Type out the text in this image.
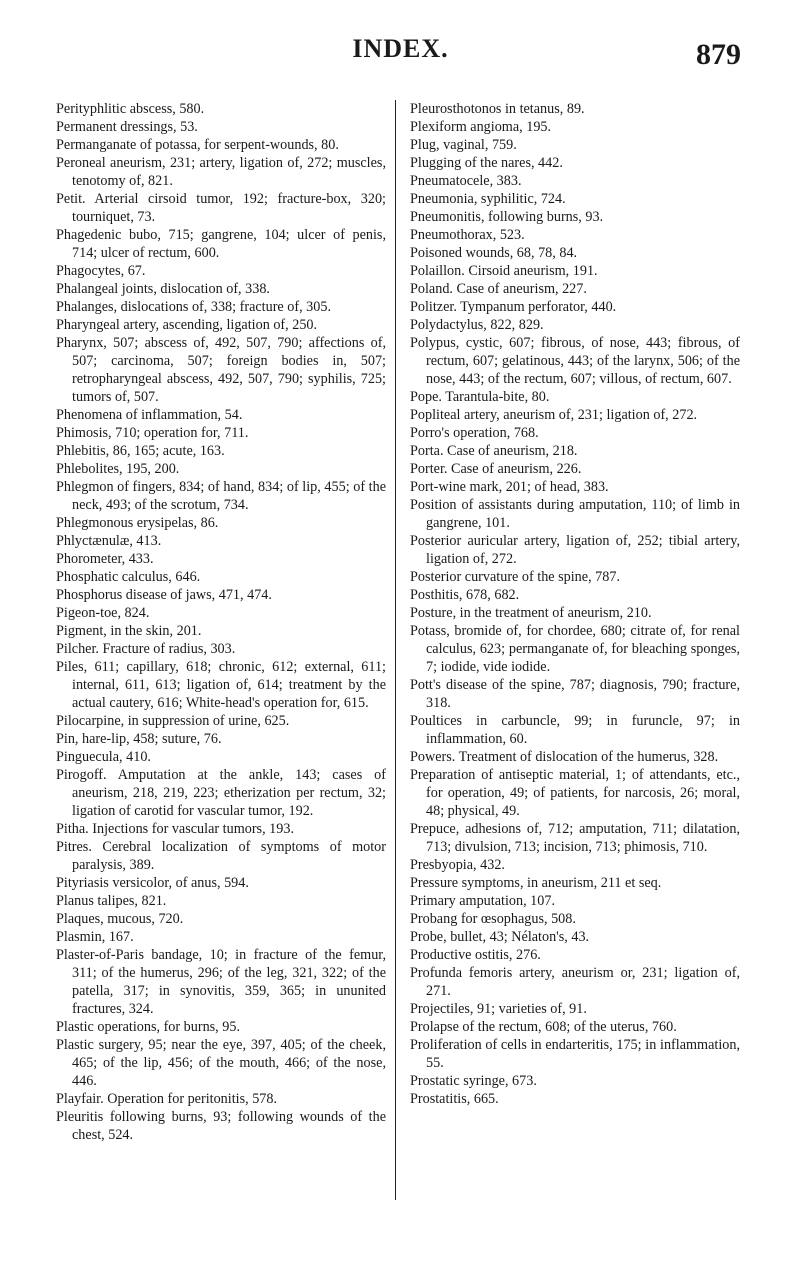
INDEX.	879

Perityphlitic abscess, 580.

Permanent dressings, 53.

Permanganate of potassa, for serpent-wounds, 80.

Peroneal aneurism, 231; artery, ligation of, 272; muscles, tenotomy of, 821.

Petit. Arterial cirsoid tumor, 192; fracture-box, 320; tourniquet, 73.

Phagedenic bubo, 715; gangrene, 104; ulcer of penis, 714; ulcer of rectum, 600.

Phagocytes, 67.

Phalangeal joints, dislocation of, 338.

Phalanges, dislocations of, 338; fracture of, 305.

Pharyngeal artery, ascending, ligation of, 250.

Pharynx, 507; abscess of, 492, 507, 790; affections of, 507; carcinoma, 507; foreign bodies in, 507; retropharyngeal abscess, 492, 507, 790; syphilis, 725; tumors of, 507.

Phenomena of inflammation, 54.

Phimosis, 710; operation for, 711.

Phlebitis, 86, 165; acute, 163.

Phlebolites, 195, 200.

Phlegmon of fingers, 834; of hand, 834; of lip, 455; of the neck, 493; of the scrotum, 734.

Phlegmonous erysipelas, 86.

Phlyctænulæ, 413.

Phorometer, 433.

Phosphatic calculus, 646.

Phosphorus disease of jaws, 471, 474.

Pigeon-toe, 824.

Pigment, in the skin, 201.

Pilcher. Fracture of radius, 303.

Piles, 611; capillary, 618; chronic, 612; external, 611; internal, 611, 613; ligation of, 614; treatment by the actual cautery, 616; White-head's operation for, 615.

Pilocarpine, in suppression of urine, 625.

Pin, hare-lip, 458; suture, 76.

Pinguecula, 410.

Pirogoff. Amputation at the ankle, 143; cases of aneurism, 218, 219, 223; etherization per rectum, 32; ligation of carotid for vascular tumor, 192.

Pitha. Injections for vascular tumors, 193.

Pitres. Cerebral localization of symptoms of motor paralysis, 389.

Pityriasis versicolor, of anus, 594.

Planus talipes, 821.

Plaques, mucous, 720.

Plasmin, 167.

Plaster-of-Paris bandage, 10; in fracture of the femur, 311; of the humerus, 296; of the leg, 321, 322; of the patella, 317; in synovitis, 359, 365; in ununited fractures, 324.

Plastic operations, for burns, 95.

Plastic surgery, 95; near the eye, 397, 405; of the cheek, 465; of the lip, 456; of the mouth, 466; of the nose, 446.

Playfair. Operation for peritonitis, 578.

Pleuritis following burns, 93; following wounds of the chest, 524.

Pleurosthotonos in tetanus, 89.

Plexiform angioma, 195.

Plug, vaginal, 759.

Plugging of the nares, 442.

Pneumatocele, 383.

Pneumonia, syphilitic, 724.

Pneumonitis, following burns, 93.

Pneumothorax, 523.

Poisoned wounds, 68, 78, 84.

Polaillon. Cirsoid aneurism, 191.

Poland. Case of aneurism, 227.

Politzer. Tympanum perforator, 440.

Polydactylus, 822, 829.

Polypus, cystic, 607; fibrous, of nose, 443; fibrous, of rectum, 607; gelatinous, 443; of the larynx, 506; of the nose, 443; of the rectum, 607; villous, of rectum, 607.

Pope. Tarantula-bite, 80.

Popliteal artery, aneurism of, 231; ligation of, 272.

Porro's operation, 768.

Porta. Case of aneurism, 218.

Porter. Case of aneurism, 226.

Port-wine mark, 201; of head, 383.

Position of assistants during amputation, 110; of limb in gangrene, 101.

Posterior auricular artery, ligation of, 252; tibial artery, ligation of, 272.

Posterior curvature of the spine, 787.

Posthitis, 678, 682.

Posture, in the treatment of aneurism, 210.

Potass, bromide of, for chordee, 680; citrate of, for renal calculus, 623; permanganate of, for bleaching sponges, 7; iodide, vide iodide.

Pott's disease of the spine, 787; diagnosis, 790; fracture, 318.

Poultices in carbuncle, 99; in furuncle, 97; in inflammation, 60.

Powers. Treatment of dislocation of the humerus, 328.

Preparation of antiseptic material, 1; of attendants, etc., for operation, 49; of patients, for narcosis, 26; moral, 48; physical, 49.

Prepuce, adhesions of, 712; amputation, 711; dilatation, 713; divulsion, 713; incision, 713; phimosis, 710.

Presbyopia, 432.

Pressure symptoms, in aneurism, 211 et seq.

Primary amputation, 107.

Probang for œsophagus, 508.

Probe, bullet, 43; Nélaton's, 43.

Productive ostitis, 276.

Profunda femoris artery, aneurism or, 231; ligation of, 271.

Projectiles, 91; varieties of, 91.

Prolapse of the rectum, 608; of the uterus, 760.

Proliferation of cells in endarteritis, 175; in inflammation, 55.

Prostatic syringe, 673.

Prostatitis, 665.
